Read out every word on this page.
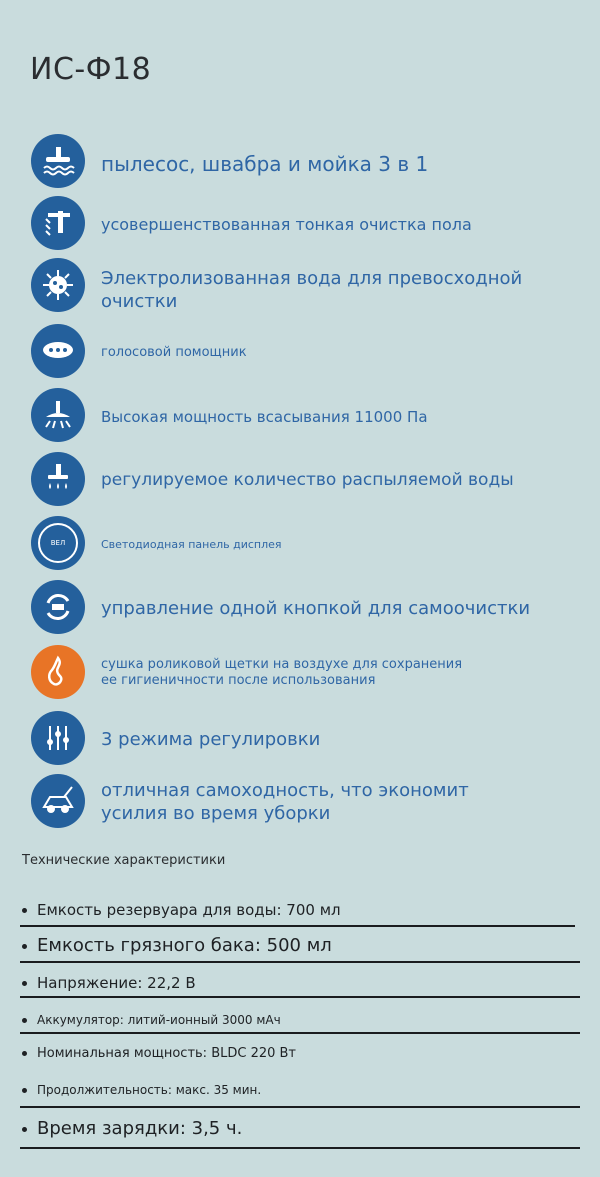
ИС-Ф18
пылесос, швабра и мойка 3 в 1
усовершенствованная тонкая очистка пола
Электролизованная вода для превосходной
очистки
голосовой помощник
Высокая мощность всасывания 11000 Па
регулируемое количество распыляемой воды
ВЕЛ	Светодиодная панель дисплея
управление одной кнопкой для самоочистки
сушка роликовой щетки на воздухе для сохранения
ее гигиеничности после использования
3 режима регулировки
отличная самоходность, что экономит
усилия во время уборки
Технические характеристики
Емкость резервуара для воды: 700 мл
Емкость грязного бака: 500 мл
Напряжение: 22,2 В
Аккумулятор: литий-ионный 3000 мАч
Номинальная мощность: BLDC 220 Вт
Продолжительность: макс. 35 мин.
Время зарядки: 3,5 ч.
